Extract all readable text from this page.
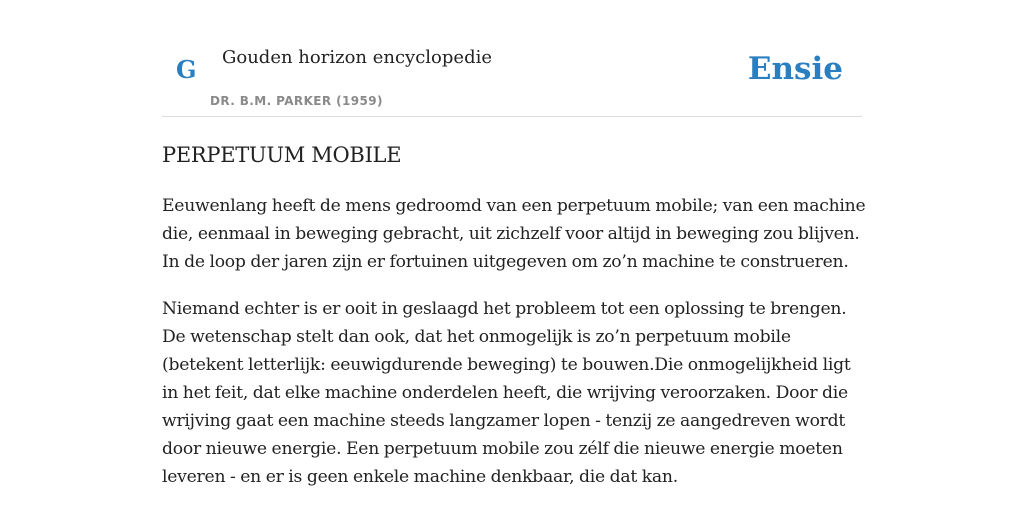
G Gouden horizon encyclopedie
DR. B.M. PARKER (1959)
Ensie
PERPETUUM MOBILE

Eeuwenlang heeft de mens gedroomd van een perpetuum mobile; van een machine die, eenmaal in beweging gebracht, uit zichzelf voor altijd in beweging zou blijven. In de loop der jaren zijn er fortuinen uitgegeven om zo’n machine te construeren.

Niemand echter is er ooit in geslaagd het probleem tot een oplossing te brengen. De wetenschap stelt dan ook, dat het onmogelijk is zo’n perpetuum mobile (betekent letterlijk: eeuwigdurende beweging) te bouwen.Die onmogelijkheid ligt in het feit, dat elke machine onderdelen heeft, die wrijving veroorzaken. Door die wrijving gaat een machine steeds langzamer lopen - tenzij ze aangedreven wordt door nieuwe energie. Een perpetuum mobile zou zélf die nieuwe energie moeten leveren - en er is geen enkele machine denkbaar, die dat kan.
